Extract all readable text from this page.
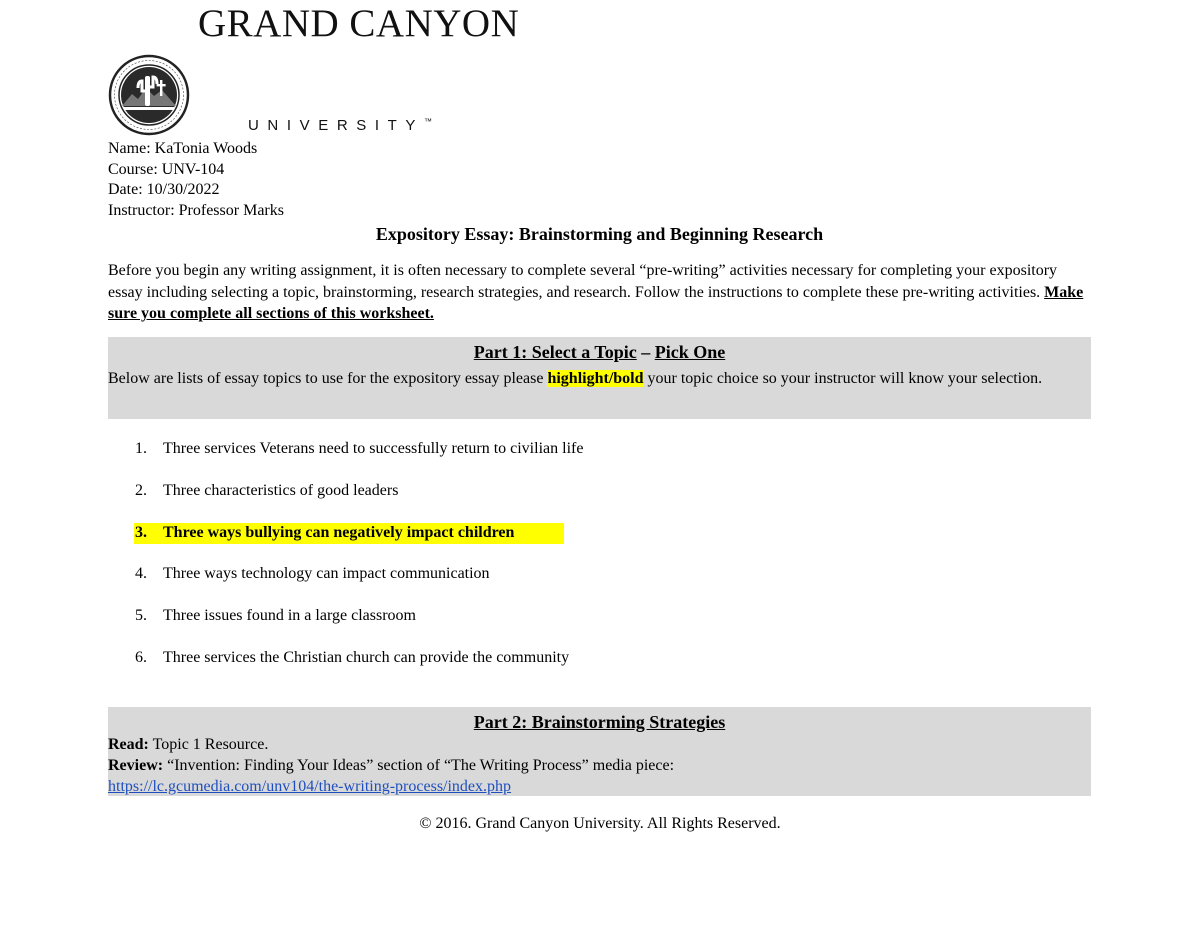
GRAND CANYON
UNIVERSITY™
Name: KaTonia Woods
Course: UNV-104
Date: 10/30/2022
Instructor: Professor Marks
Expository Essay: Brainstorming and Beginning Research
Before you begin any writing assignment, it is often necessary to complete several “pre-writing” activities necessary for completing your expository essay including selecting a topic, brainstorming, research strategies, and research. Follow the instructions to complete these pre-writing activities. Make sure you complete all sections of this worksheet.
Part 1: Select a Topic – Pick One
Below are lists of essay topics to use for the expository essay please highlight/bold your topic choice so your instructor will know your selection.
1.	Three services Veterans need to successfully return to civilian life
2.	Three characteristics of good leaders
3.	Three ways bullying can negatively impact children
4.	Three ways technology can impact communication
5.	Three issues found in a large classroom
6.	Three services the Christian church can provide the community
Part 2: Brainstorming Strategies
Read: Topic 1 Resource.
Review: “Invention: Finding Your Ideas” section of “The Writing Process” media piece:
https://lc.gcumedia.com/unv104/the-writing-process/index.php
© 2016. Grand Canyon University. All Rights Reserved.
